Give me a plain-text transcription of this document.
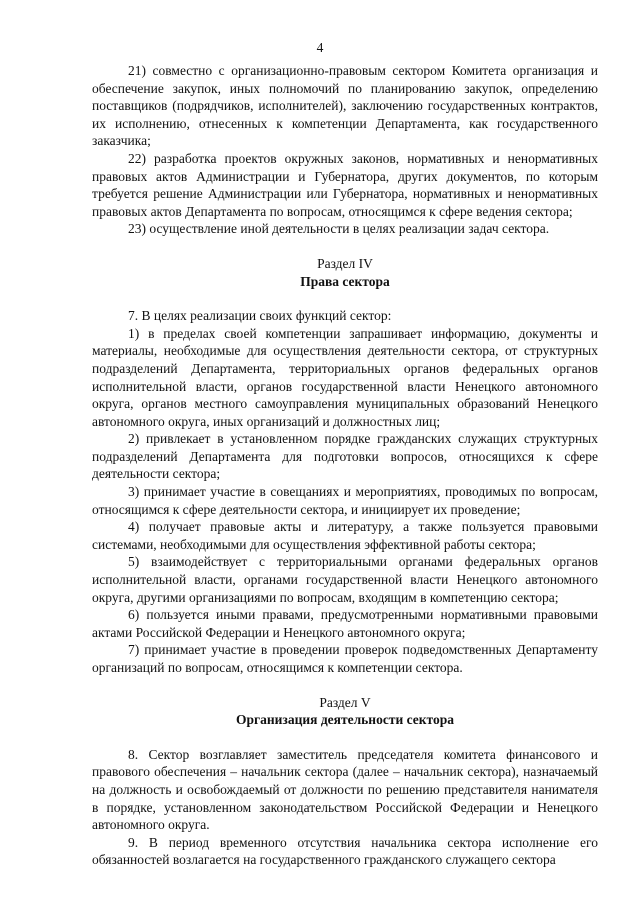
4

21) совместно с организационно-правовым сектором Комитета организация и обеспечение закупок, иных полномочий по планированию закупок, определению поставщиков (подрядчиков, исполнителей), заключению государственных контрактов, их исполнению, отнесенных к компетенции Департамента, как государственного заказчика;

22) разработка проектов окружных законов, нормативных и ненормативных правовых актов Администрации и Губернатора, других документов, по которым требуется решение Администрации или Губернатора, нормативных и ненормативных правовых актов Департамента по вопросам, относящимся к сфере ведения сектора;

23) осуществление иной деятельности в целях реализации задач сектора.

Раздел IV
Права сектора

7. В целях реализации своих функций сектор:

1) в пределах своей компетенции запрашивает информацию, документы и материалы, необходимые для осуществления деятельности сектора, от структурных подразделений Департамента, территориальных органов федеральных органов исполнительной власти, органов государственной власти Ненецкого автономного округа, органов местного самоуправления муниципальных образований Ненецкого автономного округа, иных организаций и должностных лиц;

2) привлекает в установленном порядке гражданских служащих структурных подразделений Департамента для подготовки вопросов, относящихся к сфере деятельности сектора;

3) принимает участие в совещаниях и мероприятиях, проводимых по вопросам, относящимся к сфере деятельности сектора, и инициирует их проведение;

4) получает правовые акты и литературу, а также пользуется правовыми системами, необходимыми для осуществления эффективной работы сектора;

5) взаимодействует с территориальными органами федеральных органов исполнительной власти, органами государственной власти Ненецкого автономного округа, другими организациями по вопросам, входящим в компетенцию сектора;

6) пользуется иными правами, предусмотренными нормативными правовыми актами Российской Федерации и Ненецкого автономного округа;

7) принимает участие в проведении проверок подведомственных Департаменту организаций по вопросам, относящимся к компетенции сектора.

Раздел V
Организация деятельности сектора

8. Сектор возглавляет заместитель председателя комитета финансового и правового обеспечения – начальник сектора (далее – начальник сектора), назначаемый на должность и освобождаемый от должности по решению представителя нанимателя в порядке, установленном законодательством Российской Федерации и Ненецкого автономного округа.

9. В период временного отсутствия начальника сектора исполнение его обязанностей возлагается на государственного гражданского служащего сектора
